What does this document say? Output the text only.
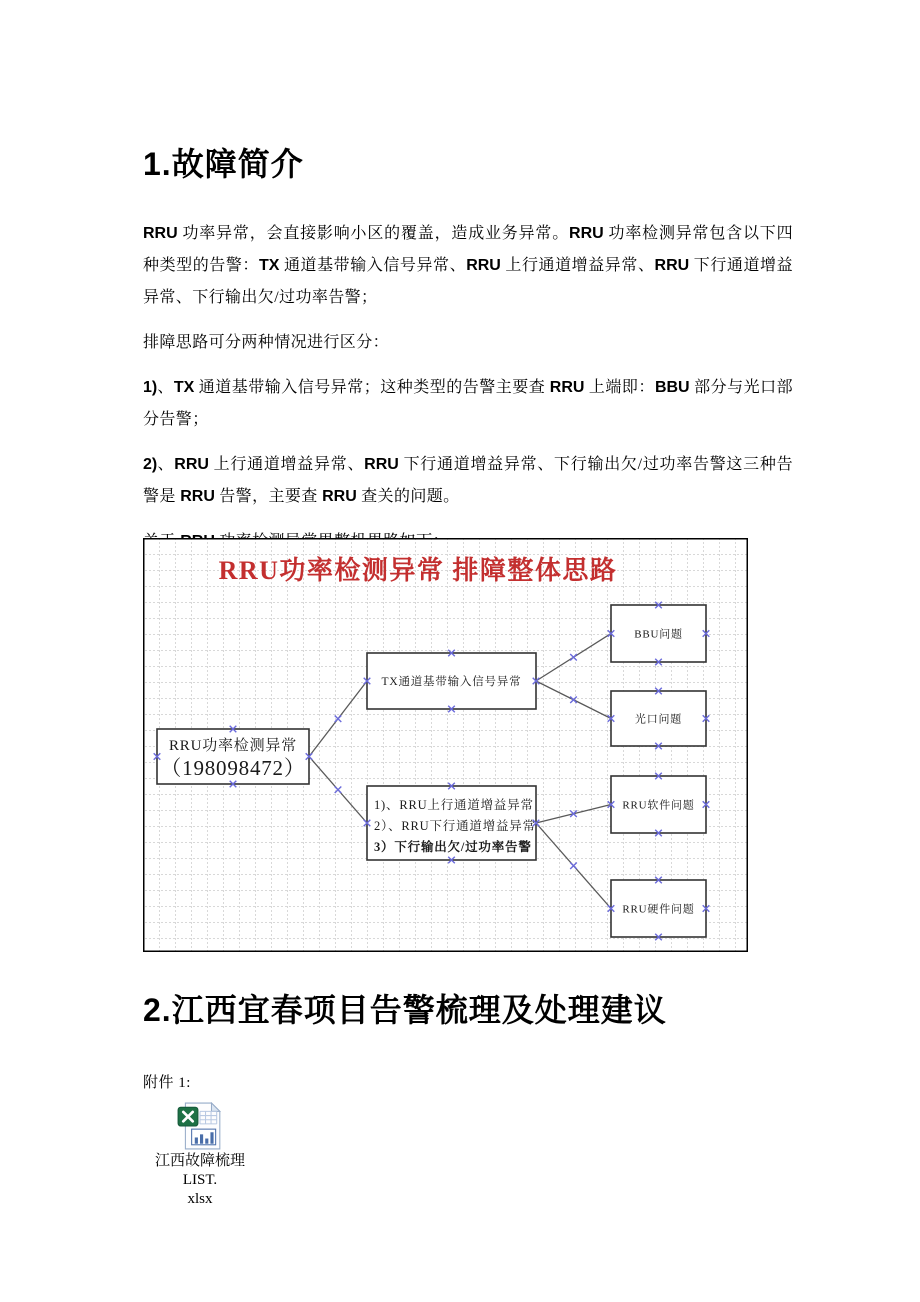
1.故障简介

RRU 功率异常，会直接影响小区的覆盖，造成业务异常。RRU 功率检测异常包含以下四种类型的告警：TX 通道基带输入信号异常、RRU 上行通道增益异常、RRU 下行通道增益异常、下行输出欠/过功率告警；

排障思路可分两种情况进行区分：

1)、TX 通道基带输入信号异常；这种类型的告警主要查 RRU 上端即：BBU 部分与光口部分告警；

2)、RRU 上行通道增益异常、RRU 下行通道增益异常、下行输出欠/过功率告警这三种告警是 RRU 告警，主要查 RRU 查关的问题。

RRU功率检测异常 排障整体思路
RRU功率检测异常
（198098472）
TX通道基带输入信号异常
1)、RRU上行通道增益异常
2）、RRU下行通道增益异常
3）下行输出欠/过功率告警
BBU问题
光口问题
RRU软件问题
RRU硬件问题
2.江西宜春项目告警梳理及处理建议
附件 1:
江西故障梳理LIST.
xlsx
